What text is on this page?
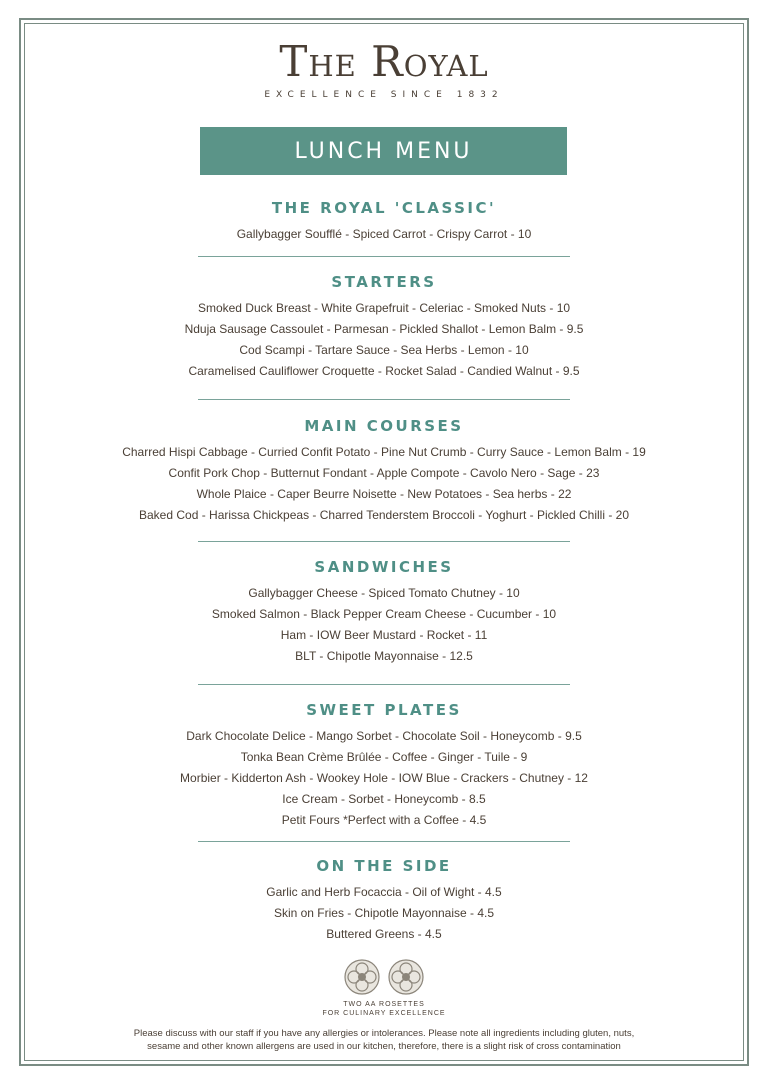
The Royal
EXCELLENCE SINCE 1832
LUNCH MENU
THE ROYAL 'CLASSIC'
Gallybagger Soufflé - Spiced Carrot - Crispy Carrot - 10
STARTERS
Smoked Duck Breast - White Grapefruit - Celeriac - Smoked Nuts - 10
Nduja Sausage Cassoulet - Parmesan - Pickled Shallot - Lemon Balm - 9.5
Cod Scampi - Tartare Sauce - Sea Herbs - Lemon - 10
Caramelised Cauliflower Croquette - Rocket Salad - Candied Walnut - 9.5
MAIN COURSES
Charred Hispi Cabbage - Curried Confit Potato - Pine Nut Crumb - Curry Sauce - Lemon Balm - 19
Confit Pork Chop - Butternut Fondant - Apple Compote - Cavolo Nero - Sage - 23
Whole Plaice - Caper Beurre Noisette - New Potatoes - Sea herbs - 22
Baked Cod - Harissa Chickpeas - Charred Tenderstem Broccoli - Yoghurt - Pickled Chilli - 20
SANDWICHES
Gallybagger Cheese - Spiced Tomato Chutney - 10
Smoked Salmon - Black Pepper Cream Cheese - Cucumber - 10
Ham - IOW Beer Mustard - Rocket - 11
BLT - Chipotle Mayonnaise - 12.5
SWEET PLATES
Dark Chocolate Delice - Mango Sorbet - Chocolate Soil - Honeycomb - 9.5
Tonka Bean Crème Brûlée - Coffee - Ginger - Tuile - 9
Morbier - Kidderton Ash - Wookey Hole - IOW Blue - Crackers - Chutney - 12
Ice Cream - Sorbet - Honeycomb - 8.5
Petit Fours *Perfect with a Coffee - 4.5
ON THE SIDE
Garlic and Herb Focaccia - Oil of Wight - 4.5
Skin on Fries - Chipotle Mayonnaise - 4.5
Buttered Greens - 4.5
TWO AA ROSETTES
FOR CULINARY EXCELLENCE
Please discuss with our staff if you have any allergies or intolerances. Please note all ingredients including gluten, nuts,
sesame and other known allergens are used in our kitchen, therefore, there is a slight risk of cross contamination
